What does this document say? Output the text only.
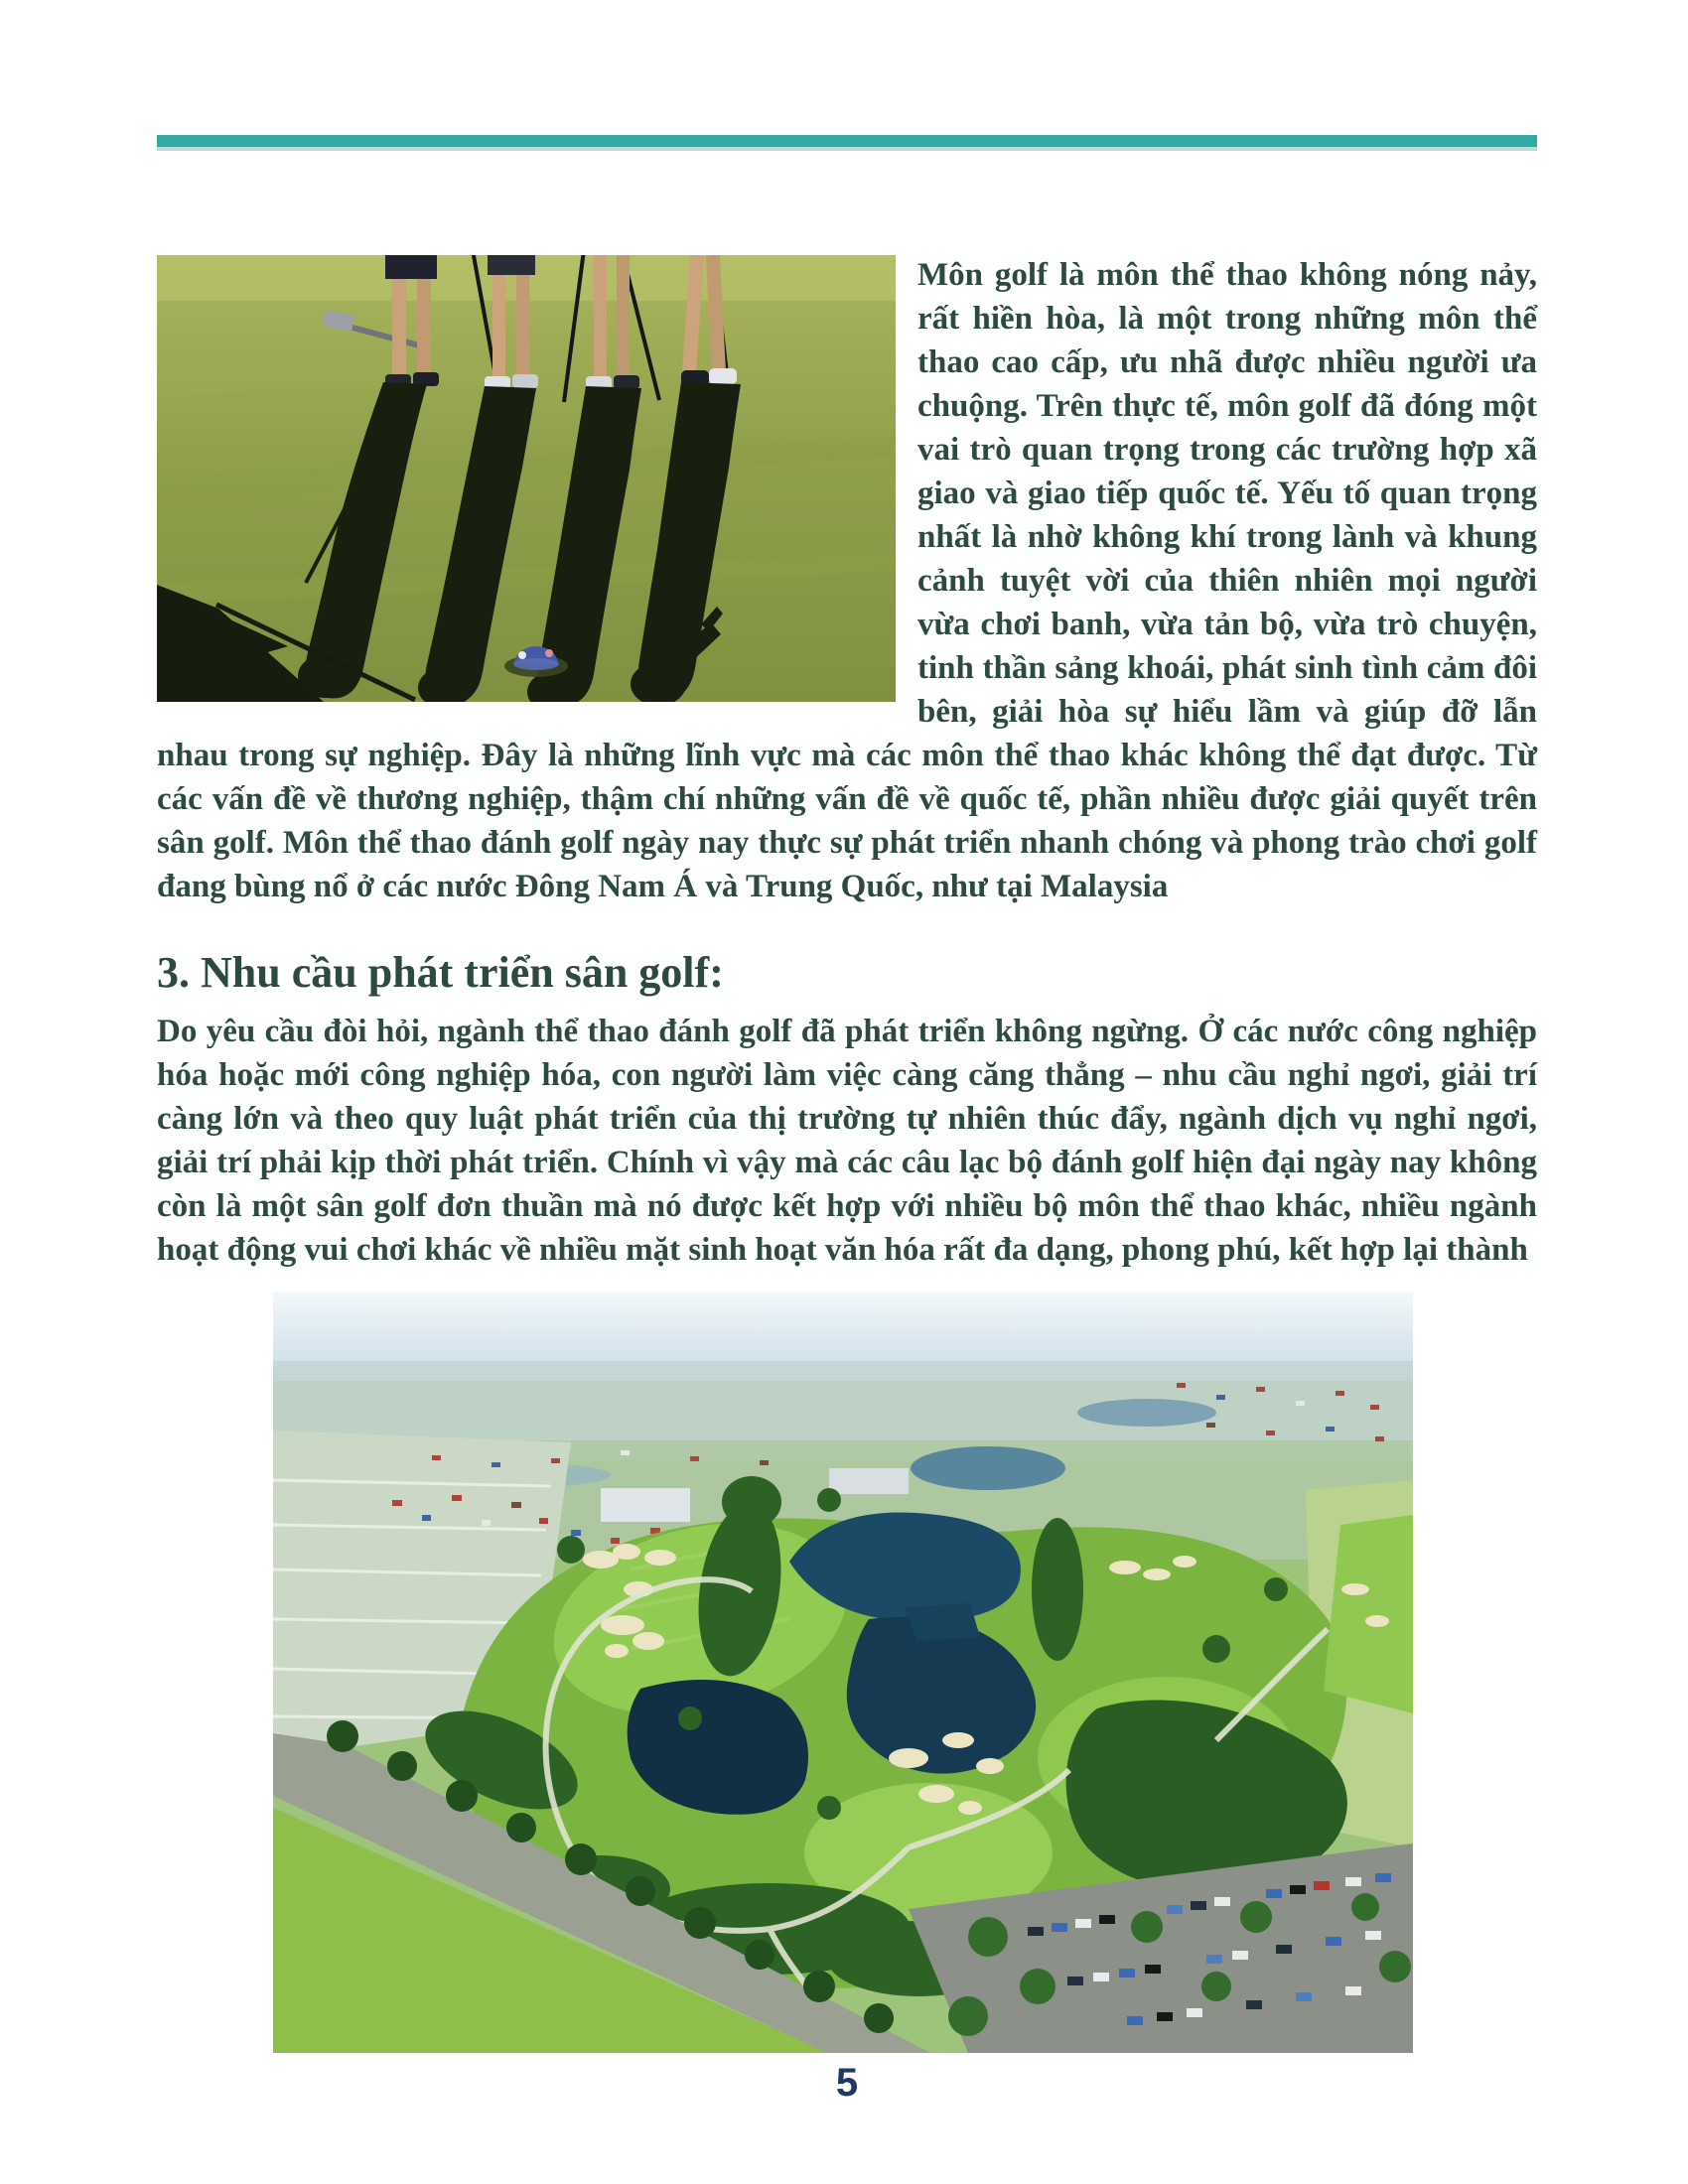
Môn golf là môn thể thao không nóng nảy, rất hiền hòa, là một trong những môn thể thao cao cấp, ưu nhã được nhiều người ưa chuộng. Trên thực tế, môn golf đã đóng một vai trò quan trọng trong các trường hợp xã giao và giao tiếp quốc tế. Yếu tố quan trọng nhất là nhờ không khí trong lành và khung cảnh tuyệt vời của thiên nhiên mọi người vừa chơi banh, vừa tản bộ, vừa trò chuyện, tinh thần sảng khoái, phát sinh tình cảm đôi bên, giải hòa sự hiểu lầm và giúp đỡ lẫn nhau trong sự nghiệp. Đây là những lĩnh vực mà các môn thể thao khác không thể đạt được. Từ các vấn đề về thương nghiệp, thậm chí những vấn đề về quốc tế, phần nhiều được giải quyết trên sân golf. Môn thể thao đánh golf ngày nay thực sự phát triển nhanh chóng và phong trào chơi golf đang bùng nổ ở các nước Đông Nam Á và Trung Quốc, như tại Malaysia

3. Nhu cầu phát triển sân golf:

Do yêu cầu đòi hỏi, ngành thể thao đánh golf đã phát triển không ngừng. Ở các nước công nghiệp hóa hoặc mới công nghiệp hóa, con người làm việc càng căng thẳng – nhu cầu nghỉ ngơi, giải trí càng lớn và theo quy luật phát triển của thị trường tự nhiên thúc đẩy, ngành dịch vụ nghỉ ngơi, giải trí phải kịp thời phát triển. Chính vì vậy mà các câu lạc bộ đánh golf hiện đại ngày nay không còn là một sân golf đơn thuần mà nó được kết hợp với nhiều bộ môn thể thao khác, nhiều ngành hoạt động vui chơi khác về nhiều mặt sinh hoạt văn hóa rất đa dạng, phong phú, kết hợp lại thành

5
